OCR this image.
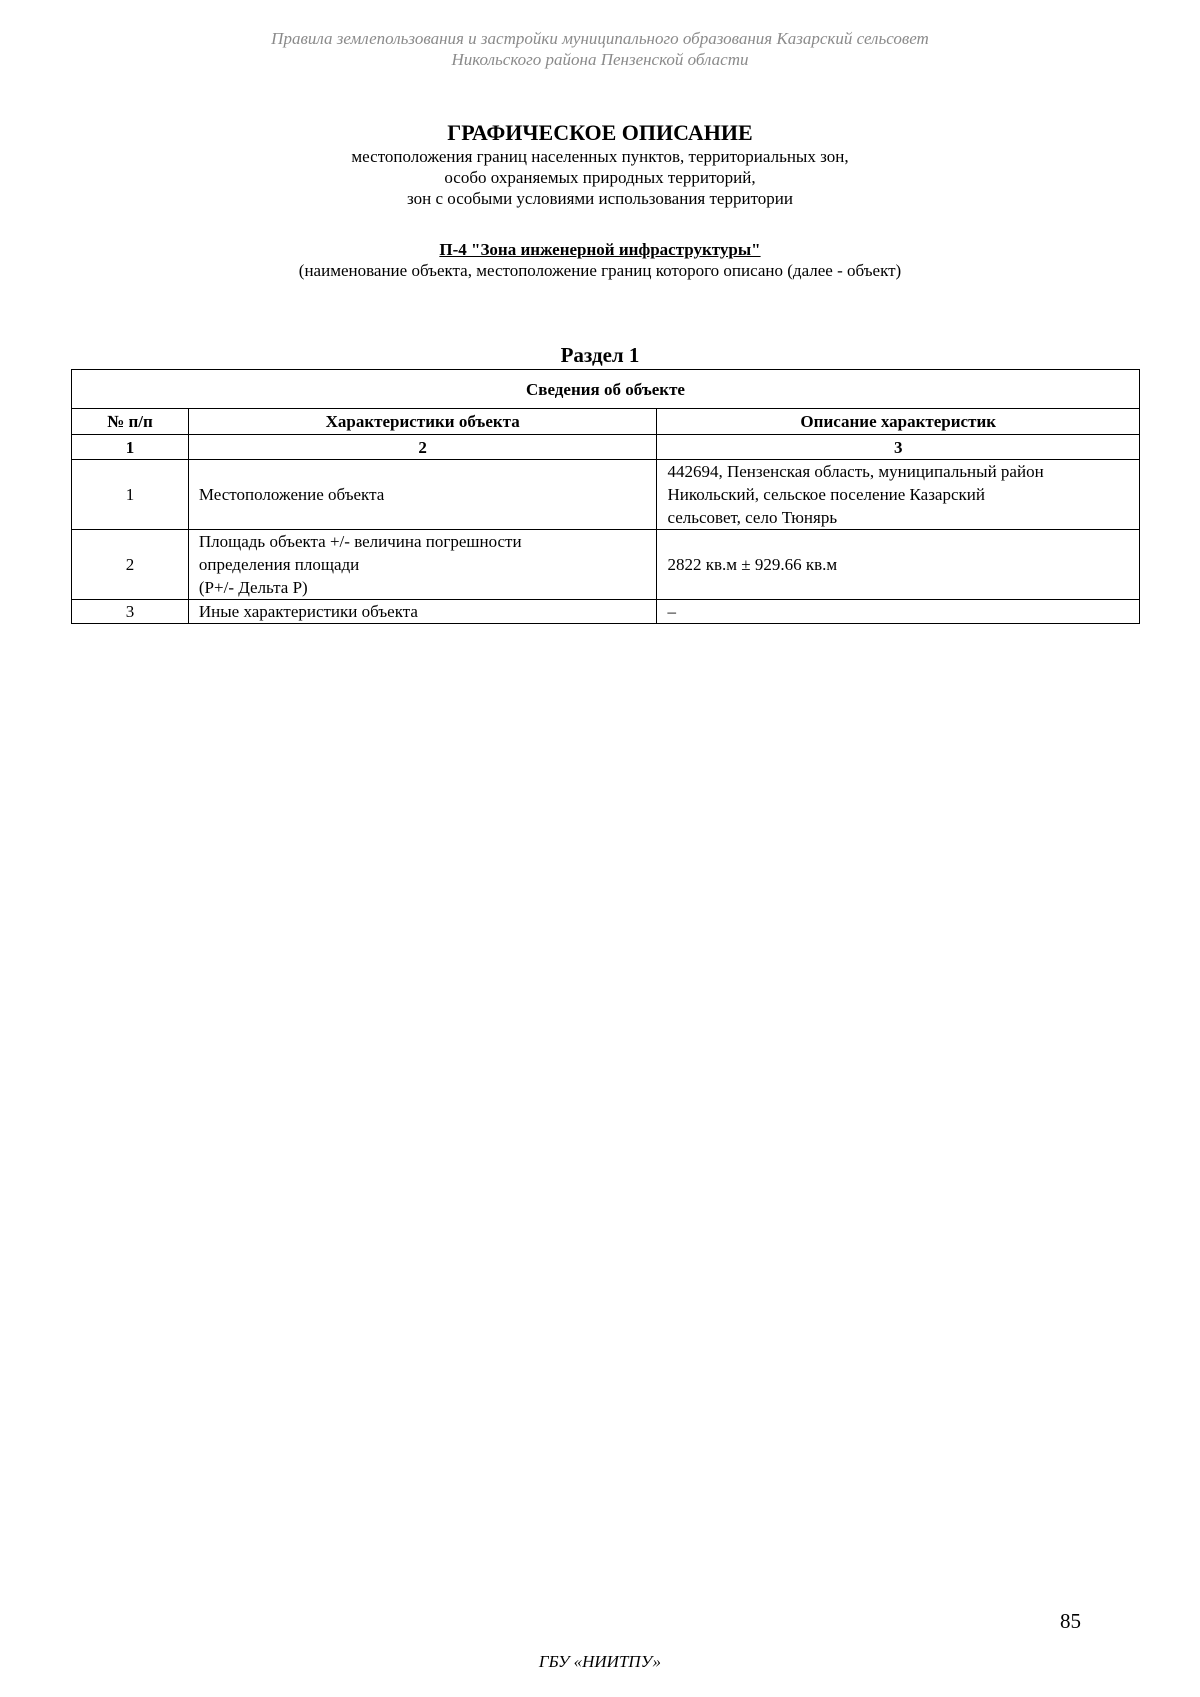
Правила землепользования и застройки муниципального образования Казарский сельсовет
Никольского района Пензенской области
ГРАФИЧЕСКОЕ ОПИСАНИЕ
местоположения границ населенных пунктов, территориальных зон,
особо охраняемых природных территорий,
зон с особыми условиями использования территории
П-4 "Зона инженерной инфраструктуры"
(наименование объекта, местоположение границ которого описано (далее - объект)
Раздел 1
Сведения об объекте		
№ п/п	Характеристики объекта	Описание характеристик
1	2	3
1	Местоположение объекта	442694, Пензенская область, муниципальный район
Никольский, сельское поселение Казарский
сельсовет, село Тюнярь

2	Площадь объекта +/- величина погрешности
определения площади
(Р+/- Дельта Р)	2822 кв.м ± 929.66 кв.м

3	Иные характеристики объекта	–
85
ГБУ «НИИТПУ»
